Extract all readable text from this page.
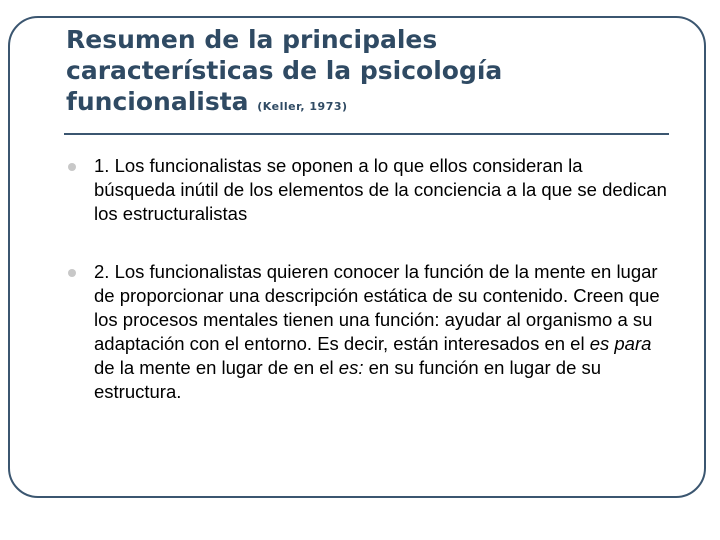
Resumen de la principales
características de la psicología
funcionalista (Keller, 1973)
1. Los funcionalistas se oponen a lo que ellos consideran la búsqueda inútil de los elementos de la conciencia a la que se dedican los estructuralistas
2. Los funcionalistas quieren conocer la función de la mente en lugar de proporcionar una descripción estática de su contenido. Creen que los procesos mentales tienen una función: ayudar al organismo a su adaptación con el entorno. Es decir, están interesados en el es para de la mente en lugar de en el es: en su función en lugar de su estructura.
